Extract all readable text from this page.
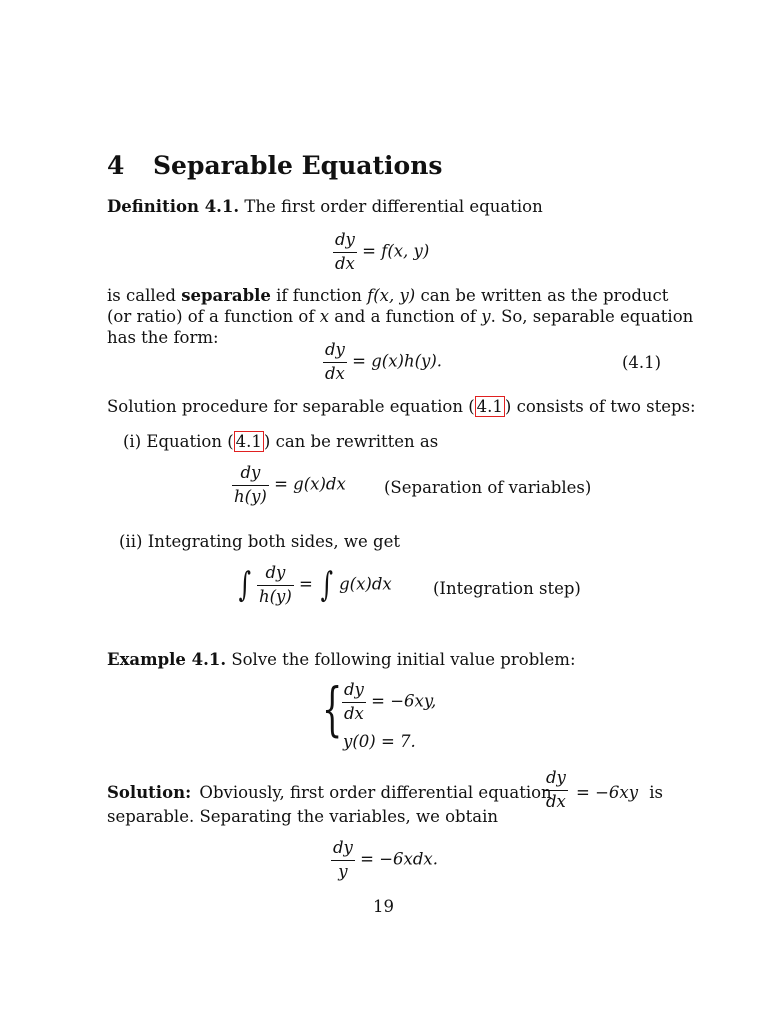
4 Separable Equations
Definition 4.1. The first order differential equation
$\frac{dy}{dx} = f(x$, y)
is called separable if function f(x, y) can be written as the product
(or ratio) of a function of x and a function of y. So, separable equation
has the form:
$\frac{dy}{dx} = g(x)h(y)$.	(4.1)
Solution procedure for separable equation ( 4.1 ) consists of two steps:
(i) Equation ( 4.1 ) can be rewritten as
$\frac{dy}{h(y)} = g(x)dx$ (Separation of variables)
(ii) Integrating both sides, we get
∫ $\frac{dy}{h(y)}$ = ∫ g(x)dx	(Integration step)
Example 4.1. Solve the following initial value problem:
{ $\frac{dy}{dx} = -6xy$,
y(0) = 7.
Solution: Obviously, first order differential equation
$\frac{dy}{dx} = -6xy$ is
separable. Separating the variables, we obtain
$\frac{dy}{y} = -6xdx$.
19
